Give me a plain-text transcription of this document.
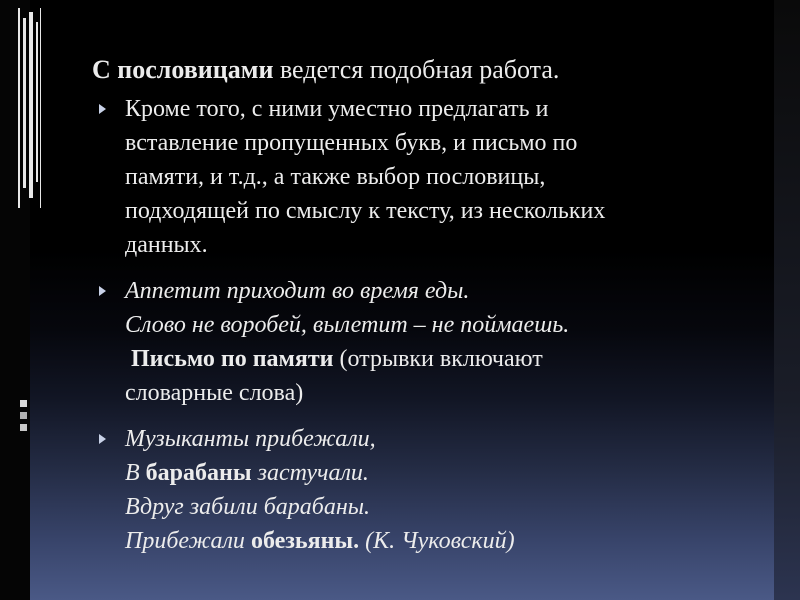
С пословицами ведется подобная работа.
Кроме того, с ними уместно предлагать и
вставление пропущенных букв, и письмо по
памяти, и т.д., а также выбор пословицы,
подходящей по смыслу к тексту, из нескольких
данных.
Аппетит приходит во время еды.
Слово не воробей, вылетит – не поймаешь.
Письмо по памяти (отрывки включают
словарные слова)
Музыканты прибежали,
В барабаны застучали.
Вдруг забили барабаны.
Прибежали обезьяны. (К. Чуковский)
